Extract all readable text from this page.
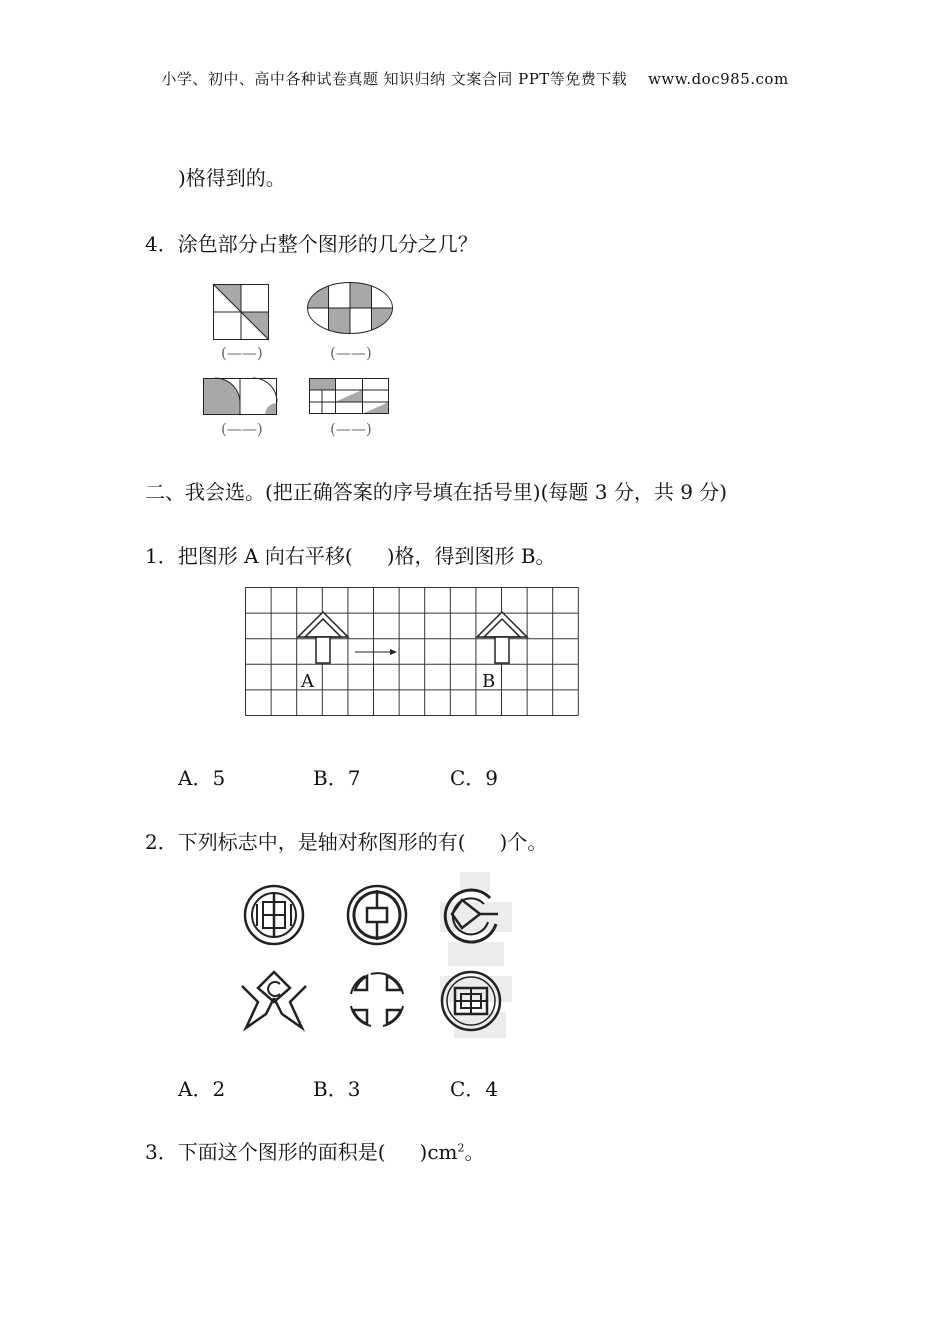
小学、初中、高中各种试卷真题 知识归纳 文案合同 PPT等免费下载　 www.doc985.com
)格得到的。
4．涂色部分占整个图形的几分之几？
(——)	(——)
(——)	(——)
二、我会选。(把正确答案的序号填在括号里)(每题 3 分，共 9 分)
1．把图形 A 向右平移( )格，得到图形 B。
A	B
A．5	B．7	C．9
2．下列标志中，是轴对称图形的有( )个。
A．2	B．3	C．4
3．下面这个图形的面积是( )$cm^2$。
